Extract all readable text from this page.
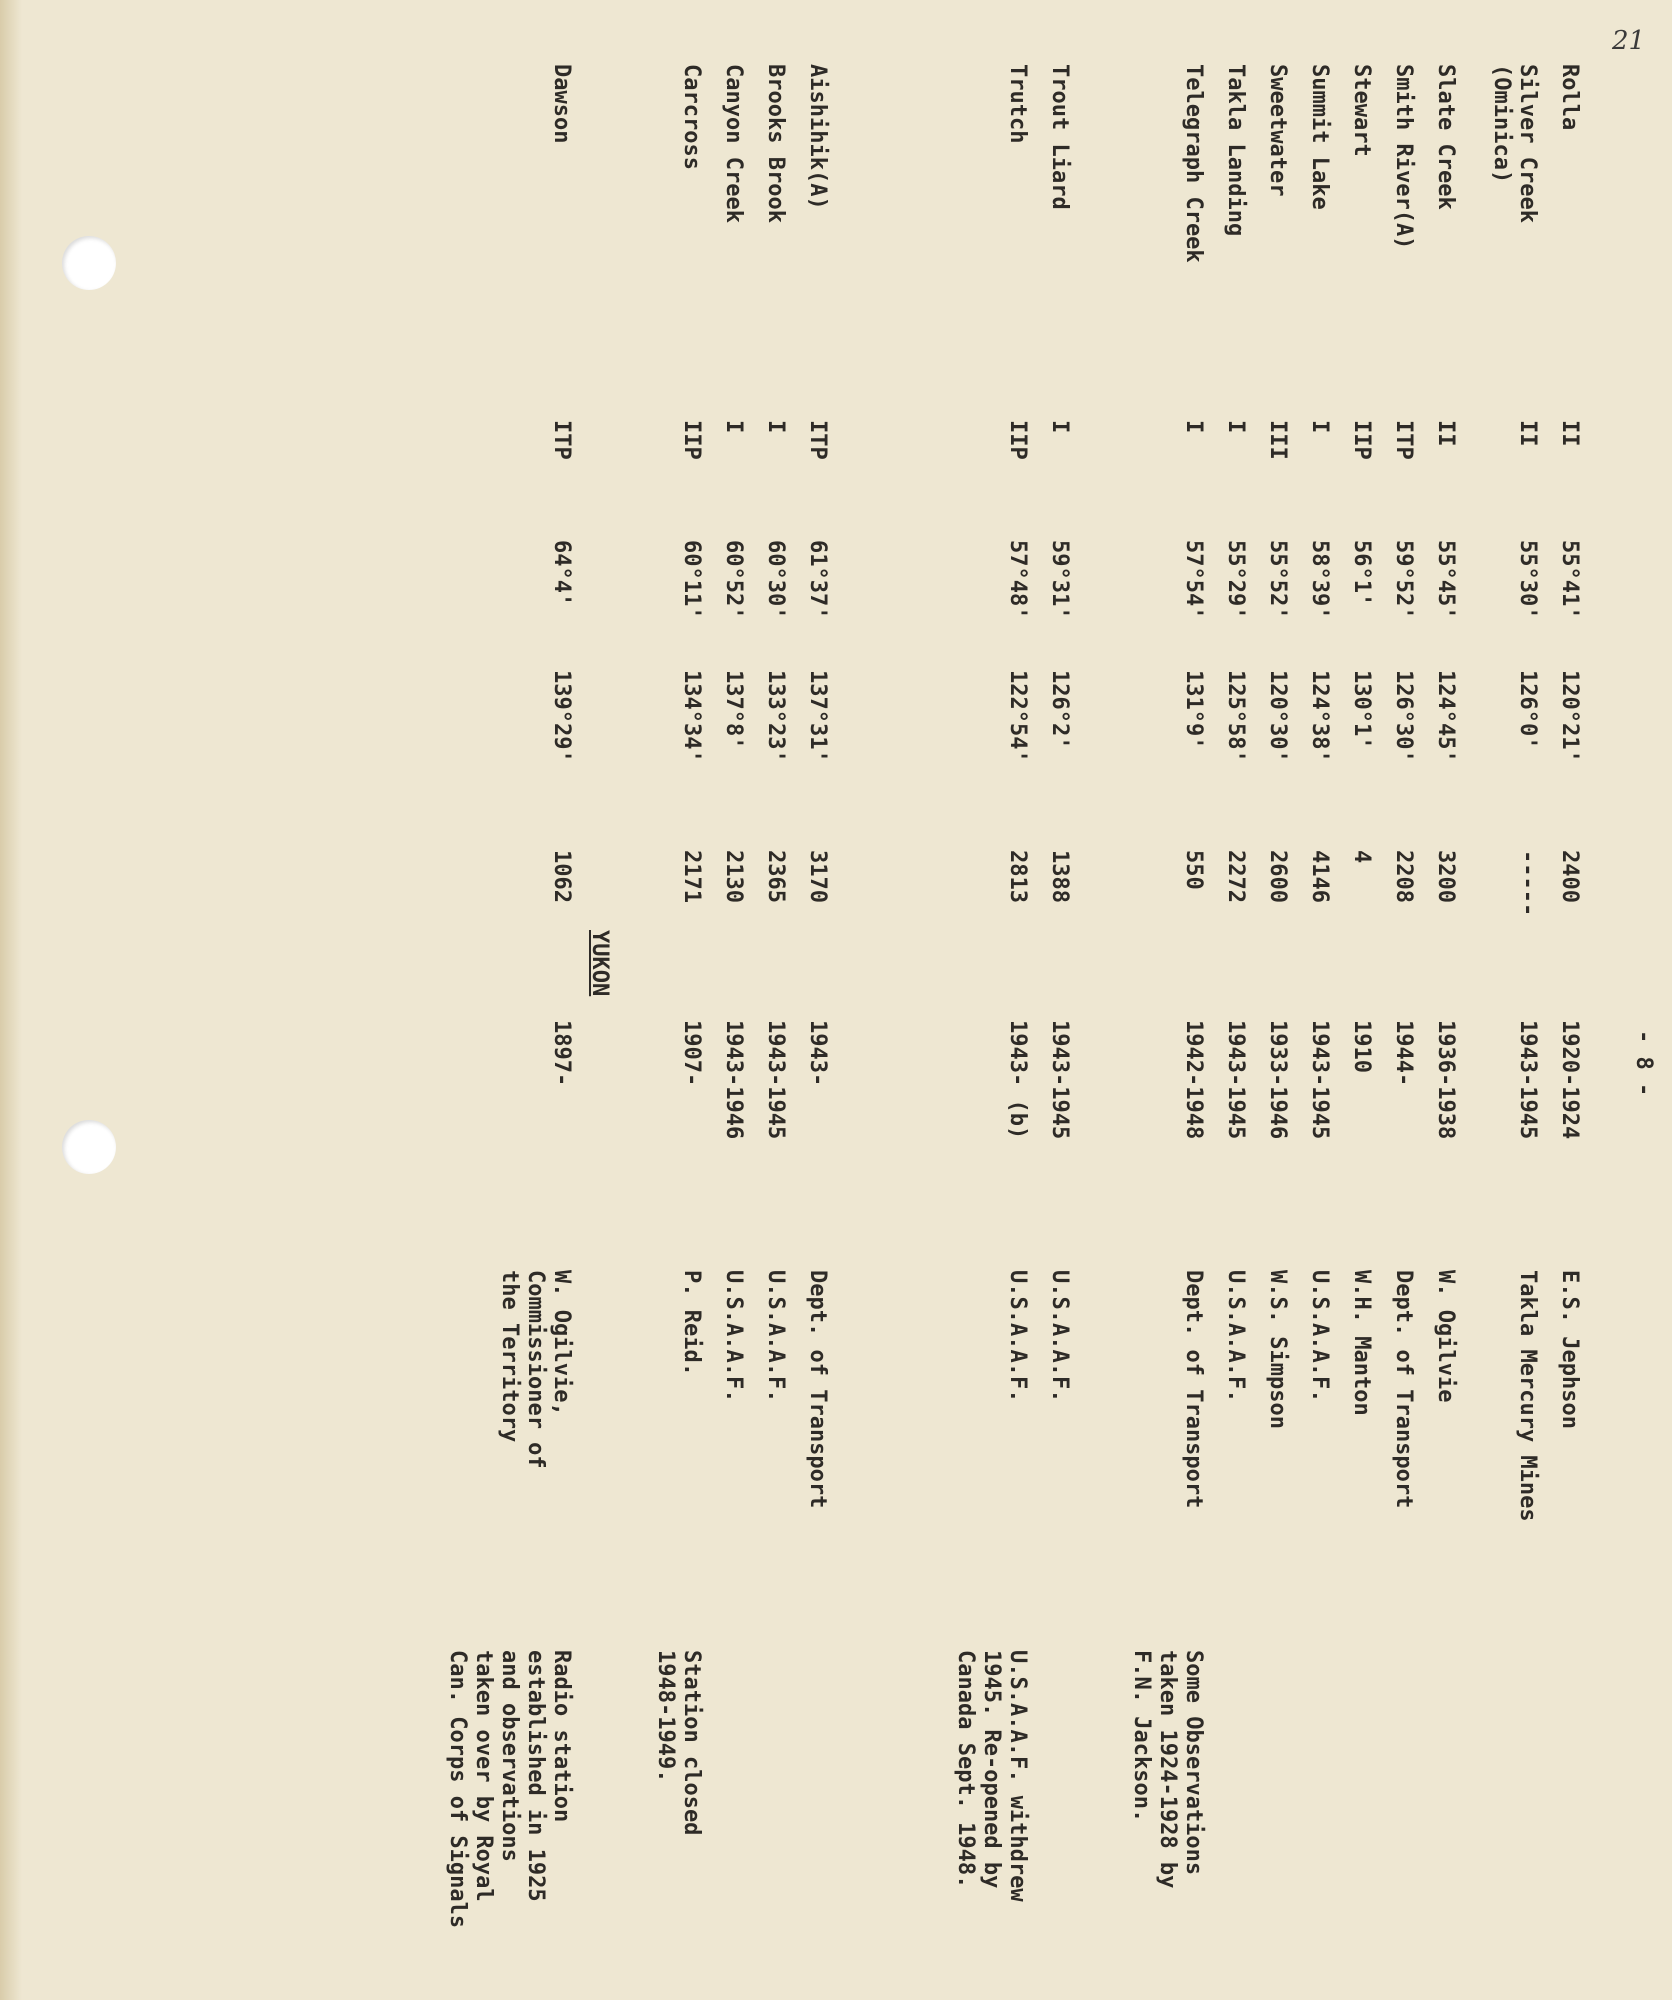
21
- 8 -
YUKON
Rolla
II
55°41'
120°21'
2400
1920-1924
E.S. Jephson
Silver Creek
(Ominica)
II
55°30'
126°0'
-----
1943-1945
Takla Mercury Mines
Slate Creek
II
55°45'
124°45'
3200
1936-1938
W. Ogilvie
Smith River(A)
ITP
59°52'
126°30'
2208
1944-
Dept. of Transport
Stewart
IIP
56°1'
130°1'
4
1910
W.H. Manton
Summit Lake
I
58°39'
124°38'
4146
1943-1945
U.S.A.A.F.
Sweetwater
III
55°52'
120°30'
2600
1933-1946
W.S. Simpson
Takla Landing
I
55°29'
125°58'
2272
1943-1945
U.S.A.A.F.
Telegraph Creek
I
57°54'
131°9'
550
1942-1948
Dept. of Transport
Some Observations
taken 1924-1928 by
F.N. Jackson.
Trout Liard
I
59°31'
126°2'
1388
1943-1945
U.S.A.A.F.
Trutch
IIP
57°48'
122°54'
2813
1943- (b)
U.S.A.A.F.
U.S.A.A.F. withdrew
1945. Re-opened by
Canada Sept. 1948.
Aishihik(A)
ITP
61°37'
137°31'
3170
1943-
Dept. of Transport
Brooks Brook
I
60°30'
133°23'
2365
1943-1945
U.S.A.A.F.
Canyon Creek
I
60°52'
137°8'
2130
1943-1946
U.S.A.A.F.
Carcross
IIP
60°11'
134°34'
2171
1907-
P. Reid.
Station closed
1948-1949.
Dawson
ITP
64°4'
139°29'
1062
1897-
W. Ogilvie,
Commissioner of
the Territory
Radio station
established in 1925
and observations
taken over by Royal
Can. Corps of Signals
